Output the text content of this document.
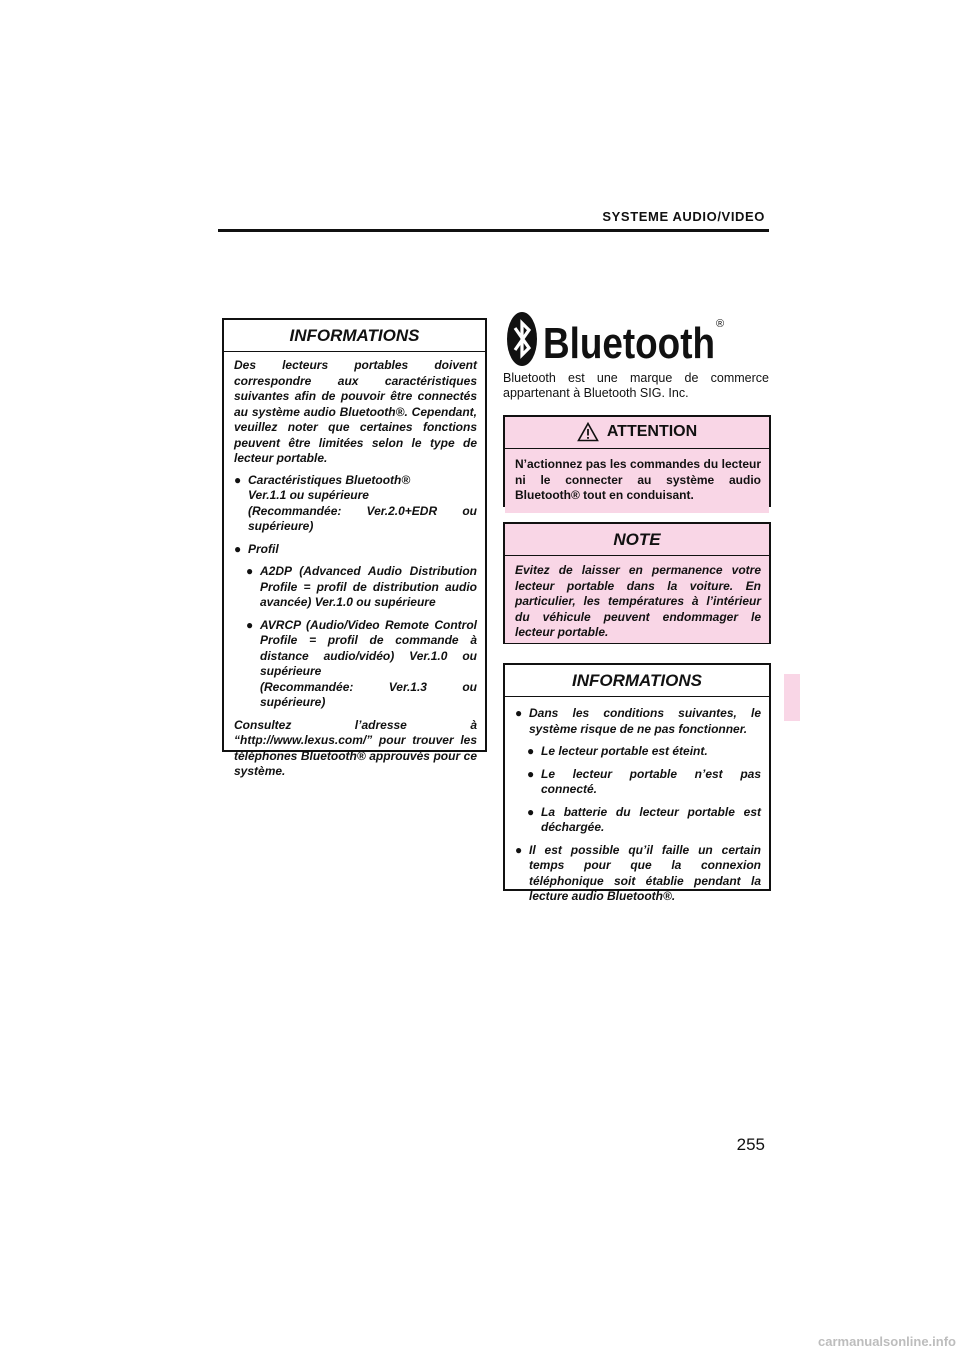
SYSTEME AUDIO/VIDEO
INFORMATIONS

Des lecteurs portables doivent correspondre aux caractéristiques suivantes afin de pouvoir être connectés au système audio Bluetooth®. Cependant, veuillez noter que certaines fonctions peuvent être limitées selon le type de lecteur portable.

● Caractéristiques Bluetooth®
Ver.1.1 ou supérieure
(Recommandée: Ver.2.0+EDR ou supérieure)
● Profil
● A2DP (Advanced Audio Distribution Profile = profil de distribution audio avancée) Ver.1.0 ou supérieure
● AVRCP (Audio/Video Remote Control Profile = profil de commande à distance audio/vidéo) Ver.1.0 ou supérieure
(Recommandée: Ver.1.3 ou supérieure)

Consultez l’adresse à “http://www.lexus.com/” pour trouver les téléphones Bluetooth® approuvés pour ce système.

Bluetooth ®
Bluetooth est une marque de commerce appartenant à Bluetooth SIG. Inc.
ATTENTION

N’actionnez pas les commandes du lecteur ni le connecter au système audio Bluetooth® tout en conduisant.

NOTE

Evitez de laisser en permanence votre lecteur portable dans la voiture. En particulier, les températures à l’intérieur du véhicule peuvent endommager le lecteur portable.

INFORMATIONS
● Dans les conditions suivantes, le système risque de ne pas fonctionner.
● Le lecteur portable est éteint.
● Le lecteur portable n’est pas connecté.
● La batterie du lecteur portable est déchargée.
● Il est possible qu’il faille un certain temps pour que la connexion téléphonique soit établie pendant la lecture audio Bluetooth®.
255
carmanualsonline.info
